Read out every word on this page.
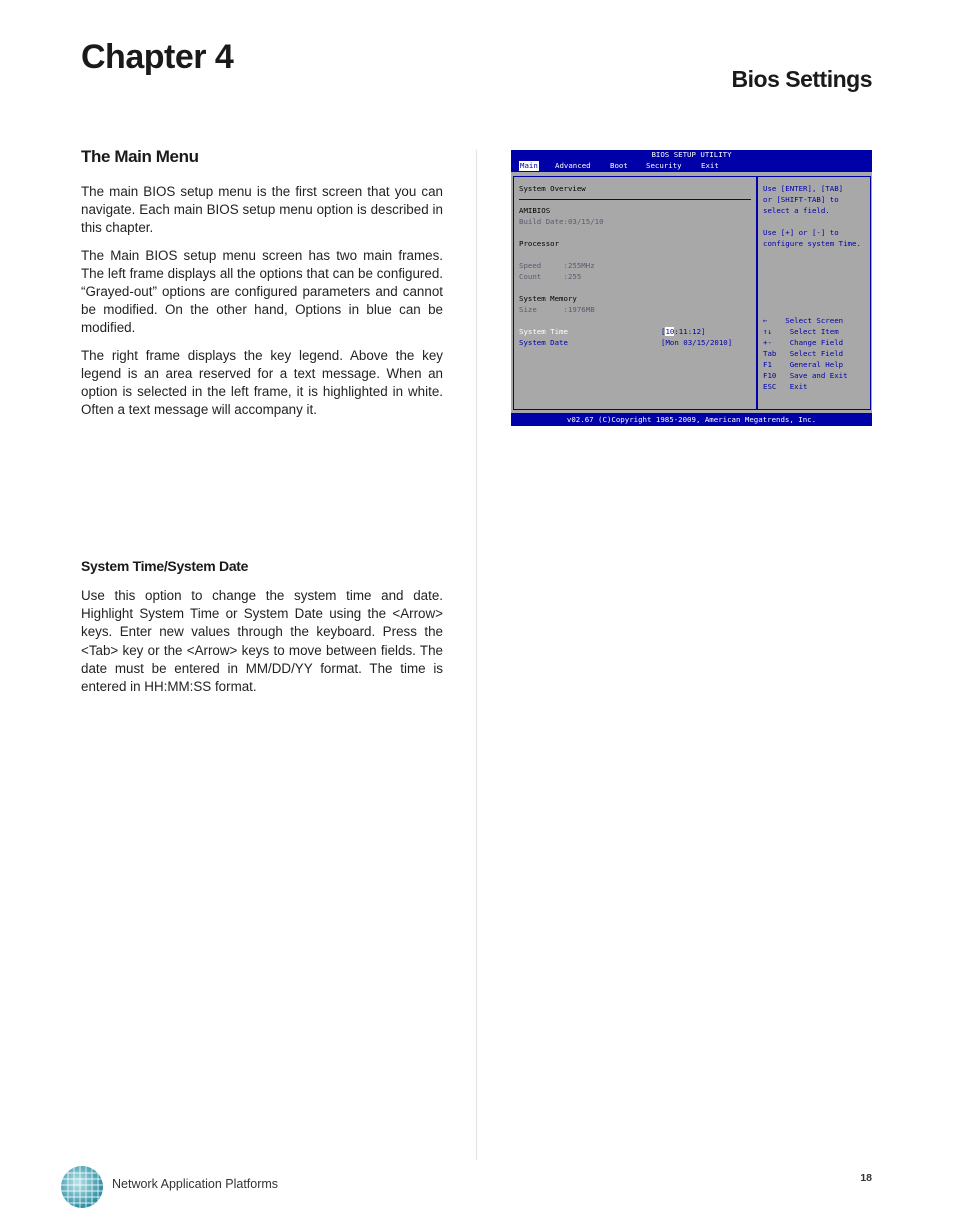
Chapter 4
Bios Settings
The Main Menu

The main BIOS setup menu is the first screen that you can navigate. Each main BIOS setup menu option is described in this chapter.

The Main BIOS setup menu screen has two main frames. The left frame displays all the options that can be configured. “Grayed-out” options are configured parameters and cannot be modified. On the other hand, Options in blue can be modified.

The right frame displays the key legend. Above the key legend is an area reserved for a text message. When an option is selected in the left frame, it is highlighted in white. Often a text message will accompany it.

System Time/System Date

Use this option to change the system time and date. Highlight System Time or System Date using the <Arrow> keys. Enter new values through the keyboard. Press the <Tab> key or the <Arrow> keys to move between fields. The date must be entered in MM/DD/YY format. The time is entered in HH:MM:SS format.

BIOS SETUP UTILITY
Main Advanced	Boot Security	Exit
System Overview
AMIBIOS
Build Date:03/15/10
Processor
Speed     :255MHz
Count     :255
System Memory
Size      :1976MB
System Time	[10:11:12]
System Date	[Mon 03/15/2010]
Use [ENTER], [TAB]
or [SHIFT-TAB] to
select a field.
Use [+] or [-] to
configure system Time.
←    Select Screen
↑↓    Select Item
+-    Change Field
Tab   Select Field
F1    General Help
F10   Save and Exit
ESC   Exit
v02.67 (C)Copyright 1985-2009, American Megatrends, Inc.
Network Application Platforms	18
